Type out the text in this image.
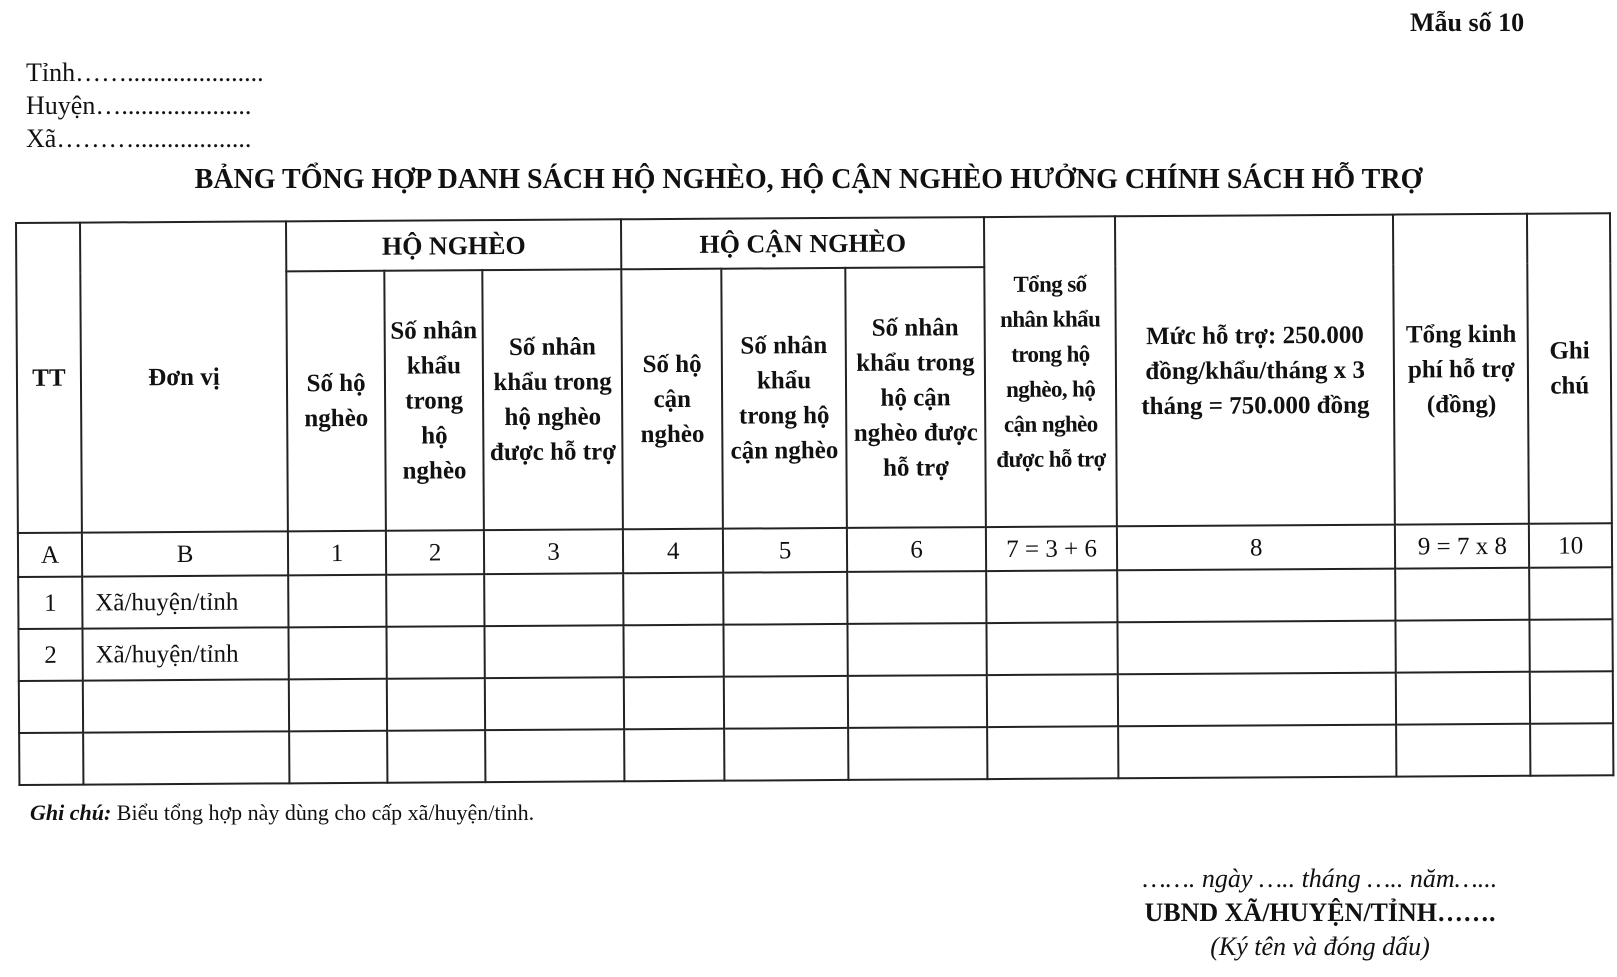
Mẫu số 10
Tỉnh…….....................
Huyện…....................
Xã………..................
BẢNG TỔNG HỢP DANH SÁCH HỘ NGHÈO, HỘ CẬN NGHÈO HƯỞNG CHÍNH SÁCH HỖ TRỢ
TT	Đơn vị	HỘ NGHÈO			HỘ CẬN NGHÈO			Tổng số nhân khẩu trong hộ nghèo, hộ cận nghèo được hỗ trợ	Mức hỗ trợ: 250.000 đồng/khẩu/tháng x 3 tháng = 750.000 đồng	Tổng kinh phí hỗ trợ (đồng)	Ghi chú
		Số hộ nghèo	Số nhân khẩu trong hộ nghèo	Số nhân khẩu trong hộ nghèo được hỗ trợ	Số hộ cận nghèo	Số nhân khẩu trong hộ cận nghèo	Số nhân khẩu trong hộ cận nghèo được hỗ trợ				
A	B	1	2	3	4	5	6	7 = 3 + 6	8	9 = 7 x 8	10
1	Xã/huyện/tỉnh										
2	Xã/huyện/tỉnh										

Ghi chú: Biểu tổng hợp này dùng cho cấp xã/huyện/tỉnh.
……. ngày ….. tháng ….. năm…...
UBND XÃ/HUYỆN/TỈNH…….
(Ký tên và đóng dấu)
